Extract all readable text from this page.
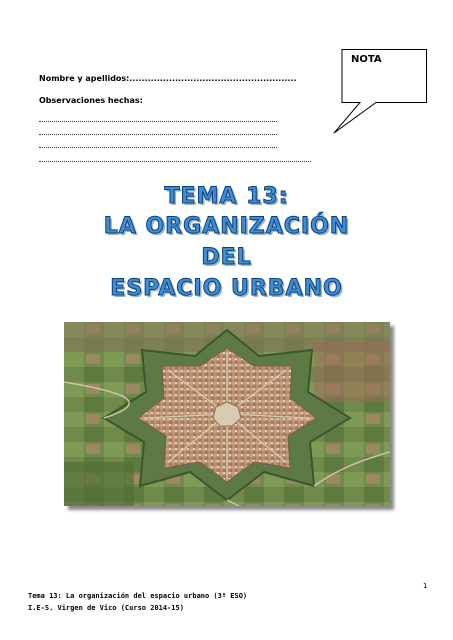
Nombre y apellidos:.......................................................
Observaciones hechas:
NOTA
TEMA 13:
LA ORGANIZACIÓN
DEL
ESPACIO URBANO
1
Tema 13: La organización del espacio urbano (3º ESO)
I.E-S. Virgen de Vico (Curso 2014-15)
